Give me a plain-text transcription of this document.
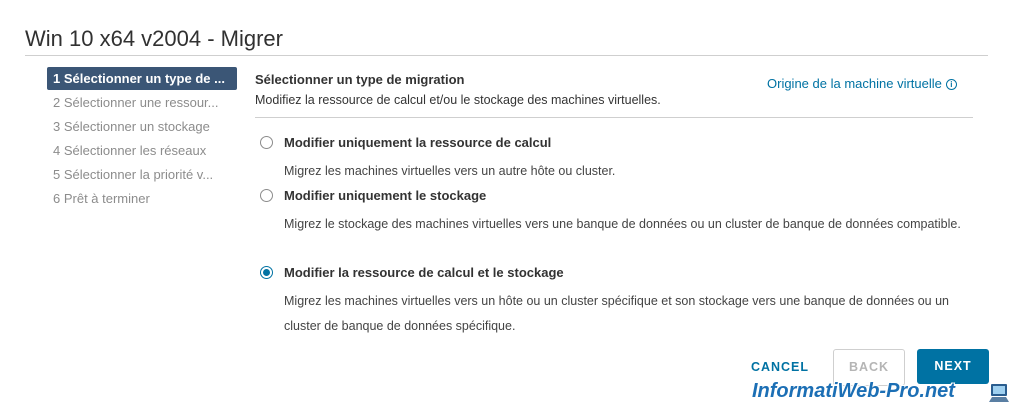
Win 10 x64 v2004 - Migrer
1 Sélectionner un type de ...
2 Sélectionner une ressour...
3 Sélectionner un stockage
4 Sélectionner les réseaux
5 Sélectionner la priorité v...
6 Prêt à terminer
Sélectionner un type de migration
Modifiez la ressource de calcul et/ou le stockage des machines virtuelles.
Origine de la machine virtuelle i
Modifier uniquement la ressource de calcul
Migrez les machines virtuelles vers un autre hôte ou cluster.
Modifier uniquement le stockage
Migrez le stockage des machines virtuelles vers une banque de données ou un cluster de banque de données compatible.
Modifier la ressource de calcul et le stockage
Migrez les machines virtuelles vers un hôte ou un cluster spécifique et son stockage vers une banque de données ou un cluster de banque de données spécifique.
CANCEL	BACK	NEXT
InformatiWeb-Pro.net
